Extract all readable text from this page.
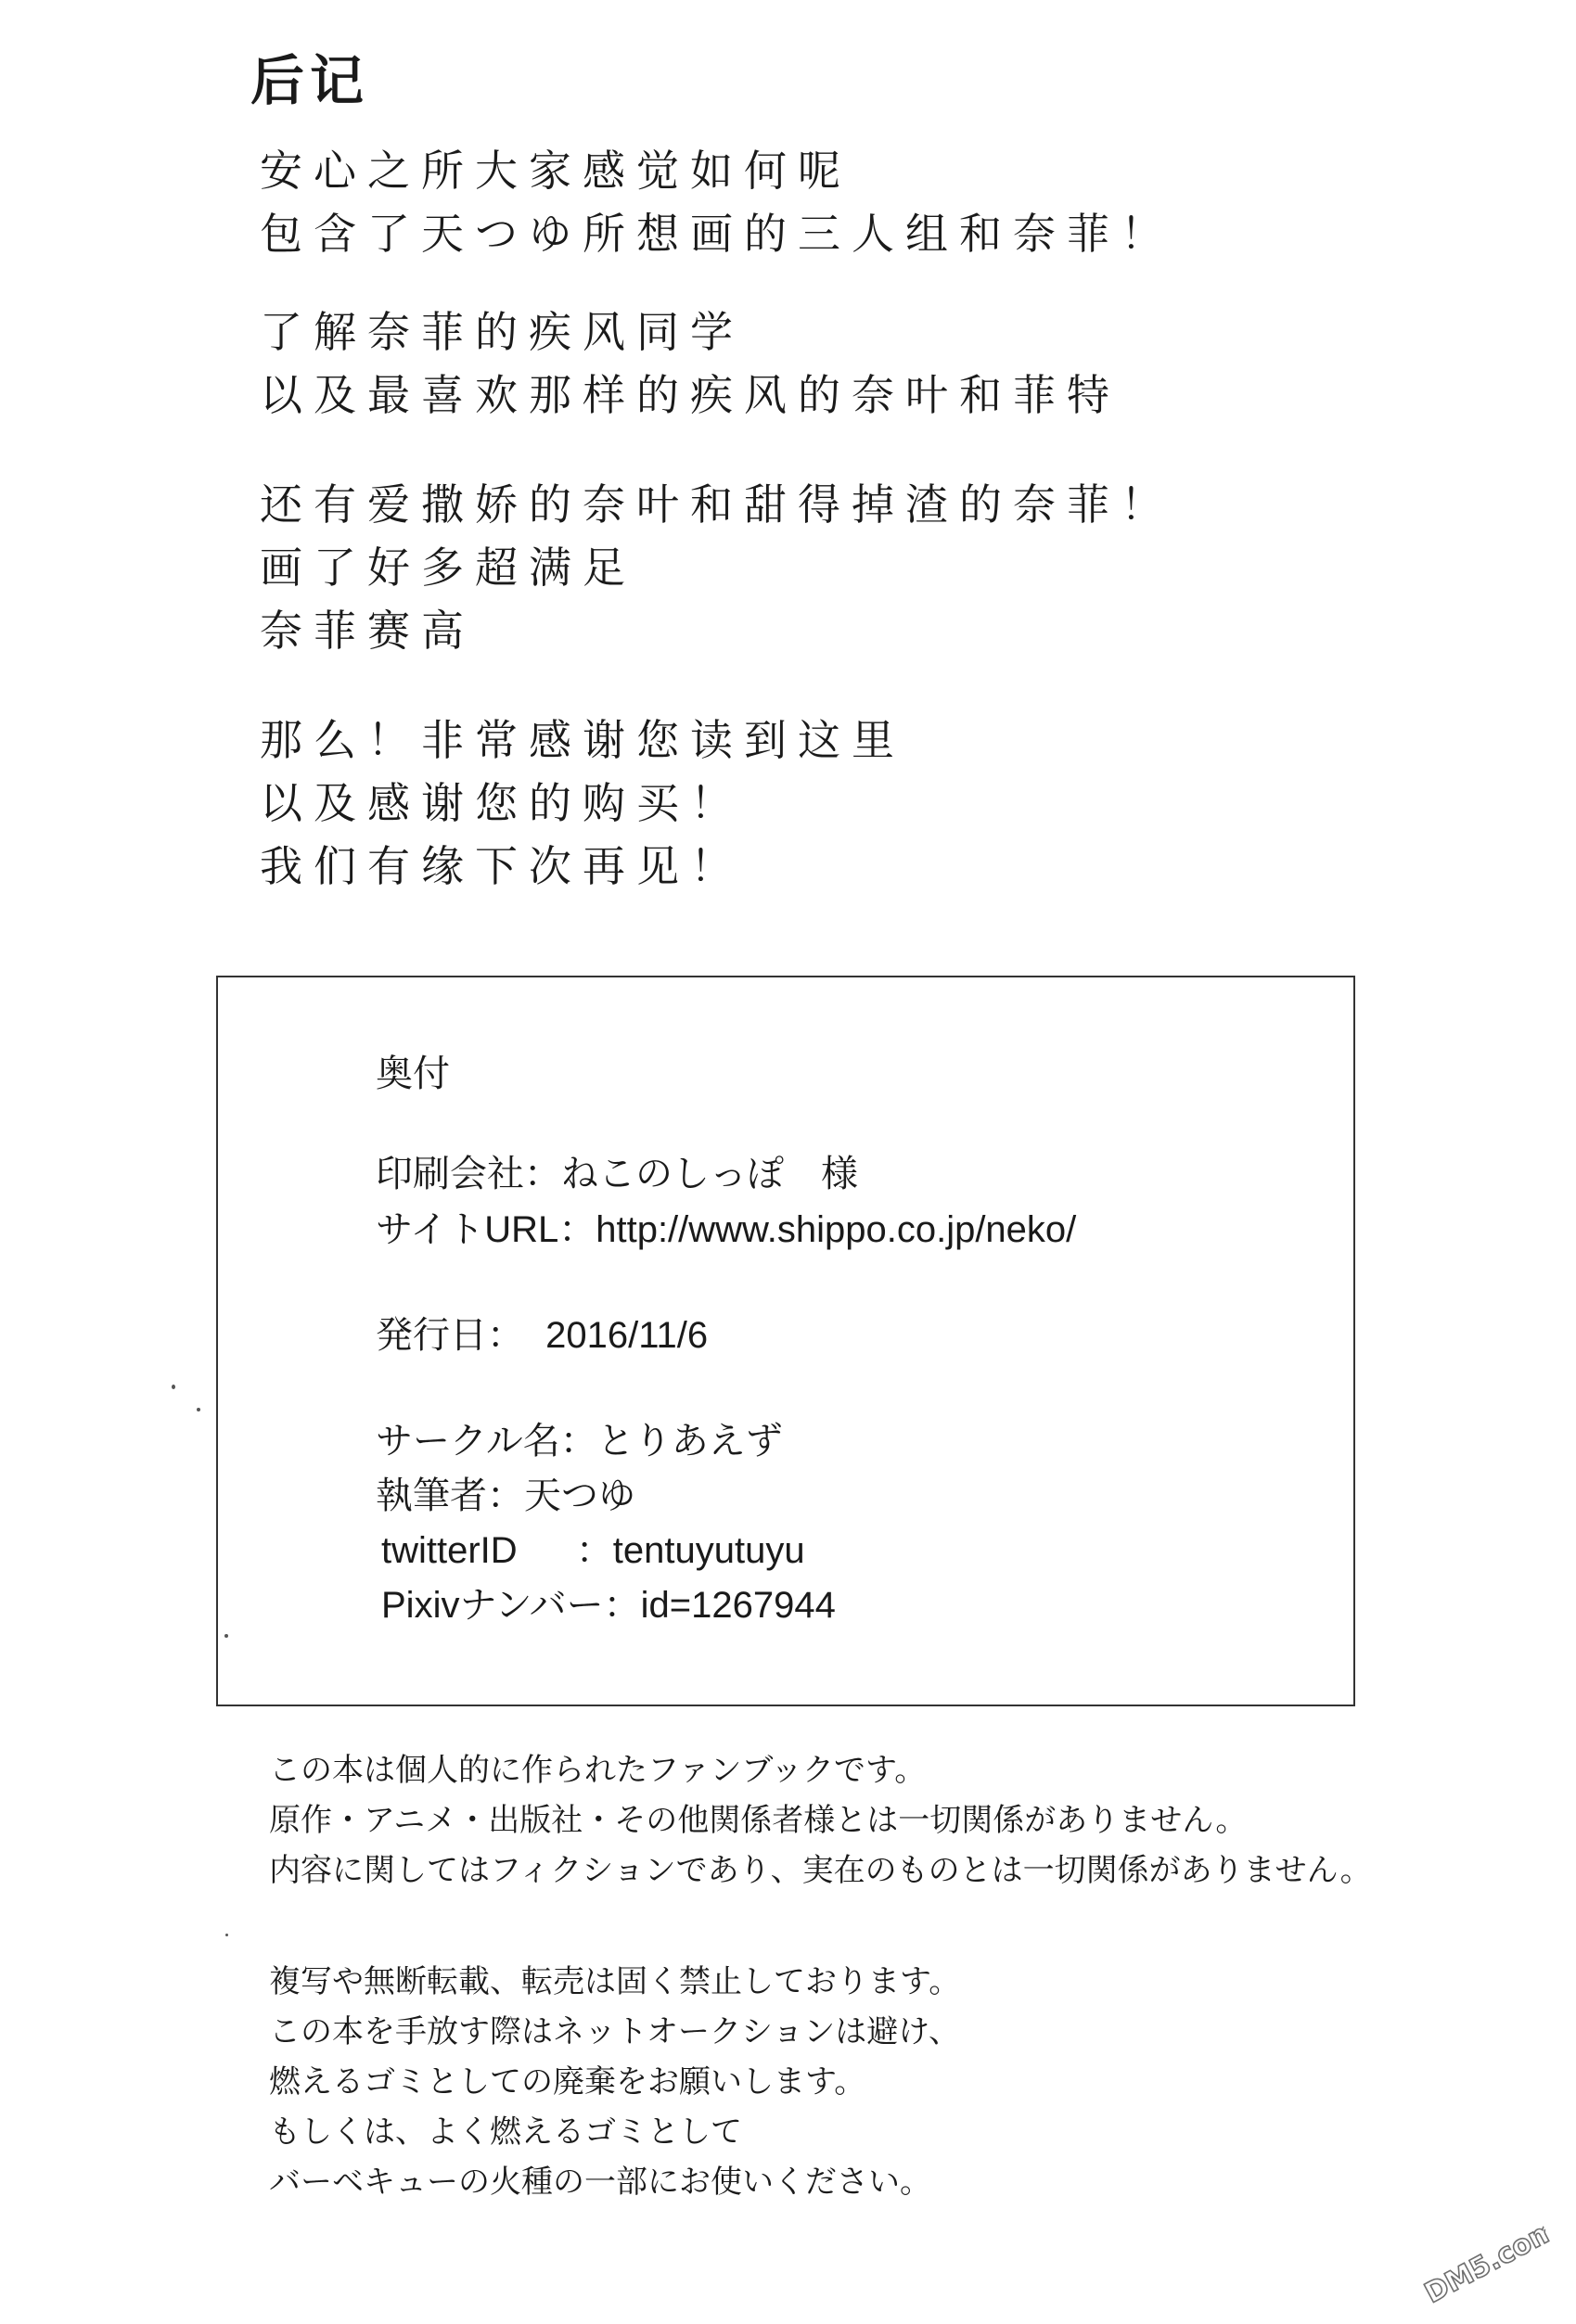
后记
安心之所大家感觉如何呢
包含了天つゆ所想画的三人组和奈菲！
了解奈菲的疾风同学
以及最喜欢那样的疾风的奈叶和菲特
还有爱撒娇的奈叶和甜得掉渣的奈菲！
画了好多超满足
奈菲赛高
那么！非常感谢您读到这里
以及感谢您的购买！
我们有缘下次再见！
奥付
印刷会社：ねこのしっぽ　様
サイトURL：http://www.shippo.co.jp/neko/
発行日： 2016/11/6
サークル名：とりあえず
執筆者：天つゆ
twitterID ：tentuyutuyu
Pixivナンバー：id=1267944
この本は個人的に作られたファンブックです。
原作・アニメ・出版社・その他関係者様とは一切関係がありません。
内容に関してはフィクションであり、実在のものとは一切関係がありません。
複写や無断転載、転売は固く禁止しております。
この本を手放す際はネットオークションは避け、
燃えるゴミとしての廃棄をお願いします。
もしくは、よく燃えるゴミとして
バーベキューの火種の一部にお使いください。
DM5.com
